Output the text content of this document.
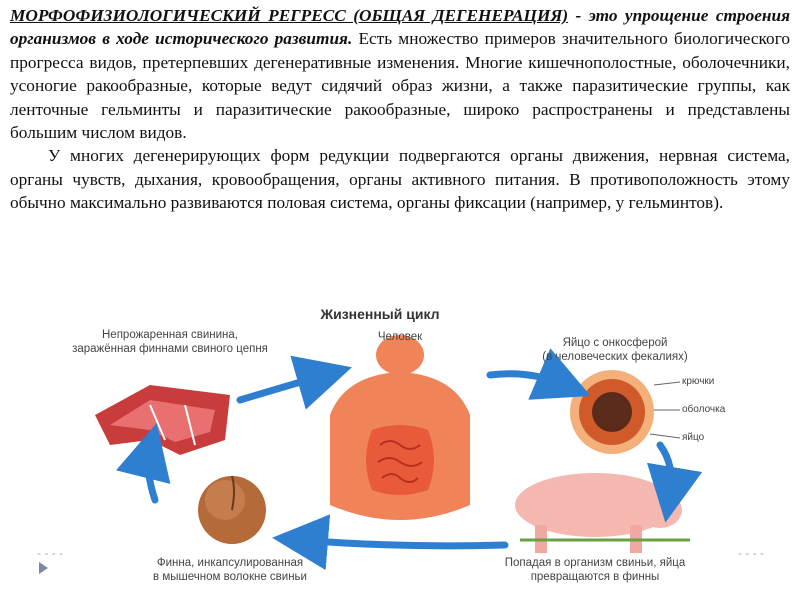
МОРФОФИЗИОЛОГИЧЕСКИЙ РЕГРЕСС (ОБЩАЯ ДЕГЕНЕРАЦИЯ) - это упрощение строения организмов в ходе исторического развития. Есть множество примеров значительного биологического прогресса видов, претерпевших дегенеративные изменения. Многие кишечнополостные, оболочечники, усоногие ракообразные, которые ведут сидячий образ жизни, а также паразитические группы, как ленточные гельминты и паразитические ракообразные, широко распространены и представлены большим числом видов.

У многих дегенерирующих форм редукции подвергаются органы движения, нервная система, органы чувств, дыхания, кровообращения, органы активного питания. В противоположность этому обычно максимально развиваются половая система, органы фиксации (например, у гельминтов).

Жизненный цикл
Человек
Непрожаренная свинина,
заражённая финнами свиного цепня	Яйцо с онкосферой
(в человеческих фекалиях)
крючки
оболочка
яйцо
Финна, инкапсулированная
в мышечном волокне свиньи
Попадая в организм свиньи, яйца
превращаются в финны
- - - -	- - - -
